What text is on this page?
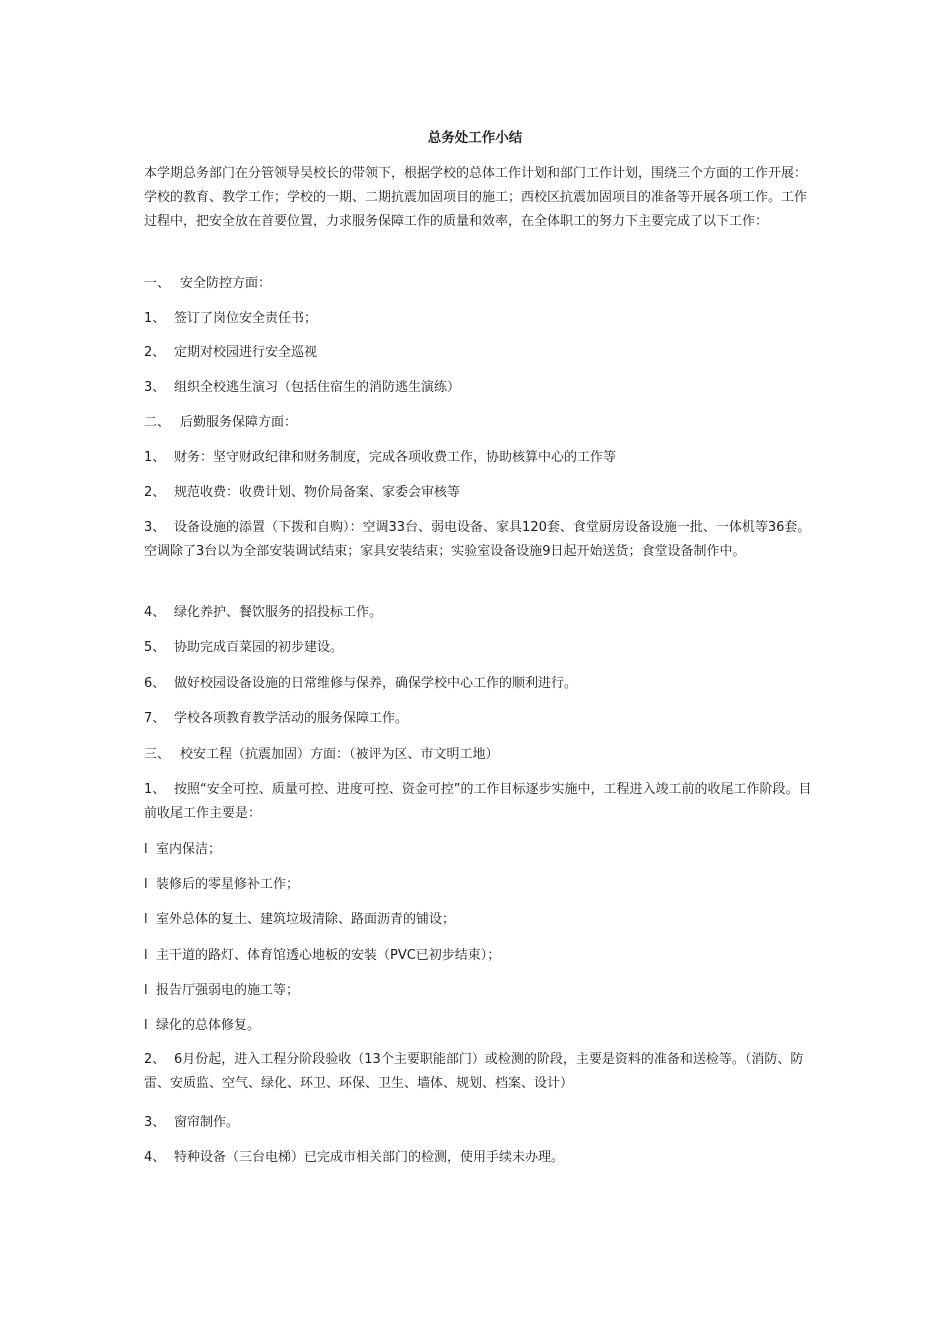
总务处工作小结

本学期总务部门在分管领导吴校长的带领下，根据学校的总体工作计划和部门工作计划，围绕三个方面的工作开展：学校的教育、教学工作；学校的一期、二期抗震加固项目的施工；西校区抗震加固项目的准备等开展各项工作。工作过程中，把安全放在首要位置，力求服务保障工作的质量和效率，在全体职工的努力下主要完成了以下工作：

一、 安全防控方面：
1、 签订了岗位安全责任书；
2、 定期对校园进行安全巡视
3、 组织全校逃生演习（包括住宿生的消防逃生演练）
二、 后勤服务保障方面：
1、 财务：坚守财政纪律和财务制度，完成各项收费工作，协助核算中心的工作等
2、 规范收费：收费计划、物价局备案、家委会审核等

3、 设备设施的添置（下拨和自购）：空调33台、弱电设备、家具120套、食堂厨房设备设施一批、一体机等36套。空调除了3台以为全部安装调试结束；家具安装结束；实验室设备设施9日起开始送货；食堂设备制作中。

4、 绿化养护、餐饮服务的招投标工作。
5、 协助完成百菜园的初步建设。
6、 做好校园设备设施的日常维修与保养，确保学校中心工作的顺利进行。
7、 学校各项教育教学活动的服务保障工作。
三、 校安工程（抗震加固）方面：（被评为区、市文明工地）

1、 按照“安全可控、质量可控、进度可控、资金可控”的工作目标逐步实施中，工程进入竣工前的收尾工作阶段。目前收尾工作主要是：

l 室内保洁；
l 装修后的零星修补工作；
l 室外总体的复土、建筑垃圾清除、路面沥青的铺设；
l 主干道的路灯、体育馆透心地板的安装（PVC已初步结束）；
l 报告厅强弱电的施工等；
l 绿化的总体修复。

2、 6月份起，进入工程分阶段验收（13个主要职能部门）或检测的阶段，主要是资料的准备和送检等。（消防、防雷、安质监、空气、绿化、环卫、环保、卫生、墙体、规划、档案、设计）

3、 窗帘制作。
4、 特种设备（三台电梯）已完成市相关部门的检测，使用手续未办理。
